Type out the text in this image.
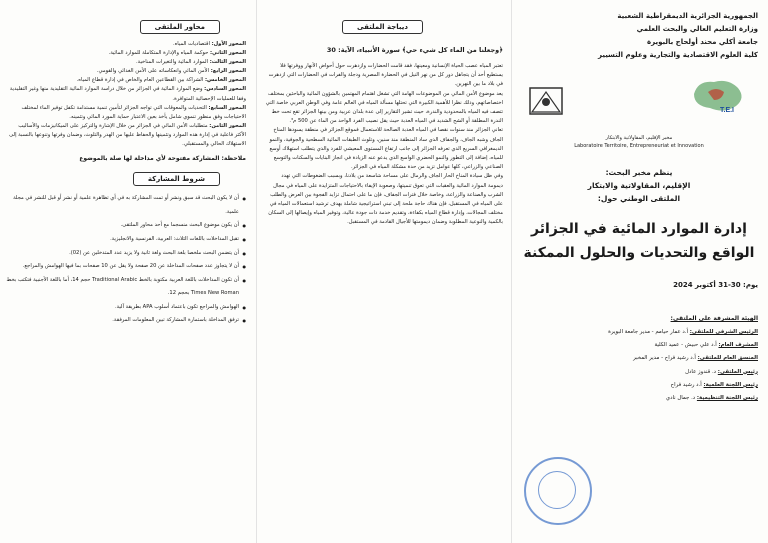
محاور الملتقى

المحور الأول: اقتصاديات المياه.

المحور الثاني: حوكمة المياه والإدارة المتكاملة للموارد المائية.

المحور الثالث: الموارد المائية والتغيرات المناخية.

المحور الرابع: الأمن المائي وانعكاساته على الأمن الغذائي والقومي.

المحور الخامس: الشراكة بين القطاعين العام والخاص في إدارة قطاع المياه.

المحور السادس: وضع الموارد المائية في الجزائر من خلال دراسة الموارد المائية التقليدية منها وغير التقليدية وفقا للعمليات الإحصائية المتوافرة.

المحور السابع: التحديات والمعوقات التي تواجه الجزائر لتأمين تنمية مستدامة تكفل توفير الماء لمختلف الاحتياجات وفق منظور تنموي شامل يأخذ بعين الاعتبار حماية المورد المائي وتثمينه.

المحور الثامن: متطلبات الأمن المائي في الجزائر من خلال الإشارة والتركيز على الميكانيزمات والأساليب الأكثر فاعلية في إدارة هذه الموارد وتثمينها والحفاظ عليها من الهدر والتلوث، وضمان وفرتها وتنوعها بالنسبة إلى الاستهلاك الحالي والمستقبلي.

ملاحظة: المشاركة مفتوحة لأي مداخلة لها صلة بالموضوع
شروط المشاركة
● أن لا يكون البحث قد سبق ونشر أو تمت المشاركة به في أي تظاهرة علمية أو نشر أو قبل للنشر في مجلة علمية.
● أن يكون موضوع البحث منسجما مع أحد محاور الملتقى.
● تقبل المداخلات باللغات الثلاث: العربية، الفرنسية والانجليزية.
● أن يتضمن البحث ملخصا بلغة البحث ولغة ثانية ولا يزيد عدد المتدخلين عن (02).
● أن لا يتجاوز عدد صفحات المداخلة عن 20 صفحة ولا يقل عن 10 صفحات بما فيها الهوامش والمراجع.
● أن تكون المداخلات باللغة العربية مكتوبة بالخط Traditional Arabic حجم 14، أما باللغة الأجنبية فتكتب بخط Times New Roman بحجم 12.
● الهوامش والمراجع تكون باعتماد أسلوب APA بطريقة آلية.
● ترفق المداخلة باستمارة المشاركة تبين المعلومات المرفقة.
ديباجة الملتقى
﴿وجعلنا من الماء كل شيء حي﴾ سورة الأنبياء، الآية: 30

تعتبر المياه عصب الحياة الإنسانية ومعينها، فقد قامت الحضارات وازدهرت حول أحواض الأنهار ووفرتها فلا يستطيع أحد أن يتجاهل دور كل من نهر النيل في الحضارة المصرية ودجلة والفرات في الحضارات التي ازدهرت في بلاد ما بين النهرين.

يعد موضوع الأمن المائي من الموضوعات الهامة التي تشغل اهتمام المهتمين بالشؤون المائية والباحثين بمختلف اختصاصاتهم، وذلك نظرا للأهمية الكبيرة التي تحتلها مسألة المياه في العالم عامة وفي الوطن العربي خاصة التي تتصف فيه المياه بالمحدودية والندرة، حيث تشير التقارير إلى عدة بلدان عربية ومن بينها الجزائر تقع تحت خط الندرة المطلقة أو الشح الشديد في المياه العذبة حيث يقل نصيب الفرد الواحد من الماء عن 500 م³.

تعاني الجزائر منذ سنوات نقصا في المياه العذبة الصالحة للاستعمال فموقع الجزائر في منطقة يسودها المناخ الجاف وشبه الجاف، والجفاف الذي ساد المنطقة منذ سنين، وتلوث الطبقات المائية السطحية والجوفية، والنمو الديمغرافي السريع الذي تعرفه الجزائر إلى جانب ارتفاع المستوى المعيشي للفرد والذي يتطلب استهلاك أوسع للمياه، إضافة إلى التطور والنمو الحضري الواسع الذي يدعو عنه الزيادة في انجاز البنايات والسكنات والتوسع الصناعي والزراعي، كلها عوامل تزيد من حدة مشكلة المياه في الجزائر.

وفي ظل سيادة المناخ الحار الجاف والرمال على مساحة شاسعة من بلادنا، وبسبب الضغوطات التي تهدد ديمومة الموارد المائية والعقبات التي تعوق تنميتها، وصعوبة الإيفاء بالاحتياجات المتزايدة على المياه في مجال الشرب والصناعة والزراعة، وخاصة خلال فترات الجفاف، فإن ما على احتمال تزايد الفجوة بين العرض والطلب على المياه في المستقبل، فإن هناك حاجة ملحة إلى تبني استراتيجية شاملة بهدف ترشيد استعمالات المياه في مختلف المجالات، وإدارة قطاع المياه بكفاءة، وتقديم خدمة ذات جودة عالية، وتوفير المياه وإيصالها إلى السكان بالكمية والنوعية المطلوبة وضمان ديمومتها للأجيال القادمة في المستقبل.

الجمهورية الجزائرية الديمقراطية الشعبية
وزارة التعليم العالي والبحث العلمي
جامعة أكلي محند أولحاج بالبويرة
كلية العلوم الاقتصادية والتجارية وعلوم التسيير
T.E.I
مخبر الإقليم، المقاولاتية والابتكار
Laboratoire Territoire, Entrepreneuriat et Innovation
ينظم مخبر البحث:
الإقليم، المقاولاتية والابتكار
الملتقى الوطني حول:
إدارة الموارد المائية في الجزائر
الواقع والتحديات والحلول الممكنة
يوم: 30-31 أكتوبر 2024
الهيئة المشرفة على الملتقى:
الرئيس الشرفي للملتقى: أ.د عمار حيامم - مدير جامعة البويرة
المشرف العام: أ.د علي حبيش - عميد الكلية
المنسق العام للملتقى: أ.د رشيد فراح - مدير المخبر
رئيس الملتقى: د. قندوز عادل
رئيس اللجنة العلمية: أ.د رشيد فراح
رئيس اللجنة التنظيمية: د. جمال نادي
